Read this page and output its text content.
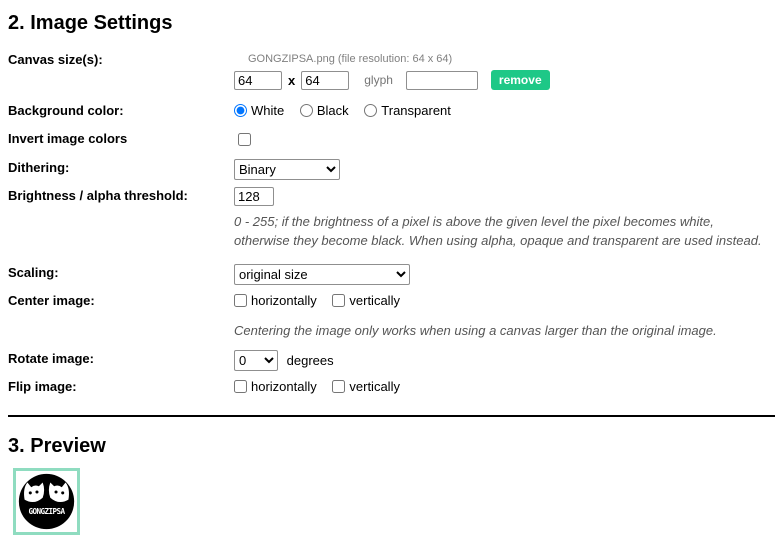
2. Image Settings
Canvas size(s):	GONGZIPSA.png (file resolution: 64 x 64)
64
x
64	glyph	remove
Background color:	White
	Black
	Transparent
Invert image colors
Dithering:
Binary
Brightness / alpha threshold:
128
0 - 255; if the brightness of a pixel is above the given level the pixel becomes white, otherwise they become black. When using alpha, opaque and transparent are used instead.
Scaling:
original size
Center image:	horizontally
	vertically
Centering the image only works when using a canvas larger than the original image.
Rotate image:
0	degrees
Flip image:	horizontally
	vertically
3. Preview
GONGZIPSA
